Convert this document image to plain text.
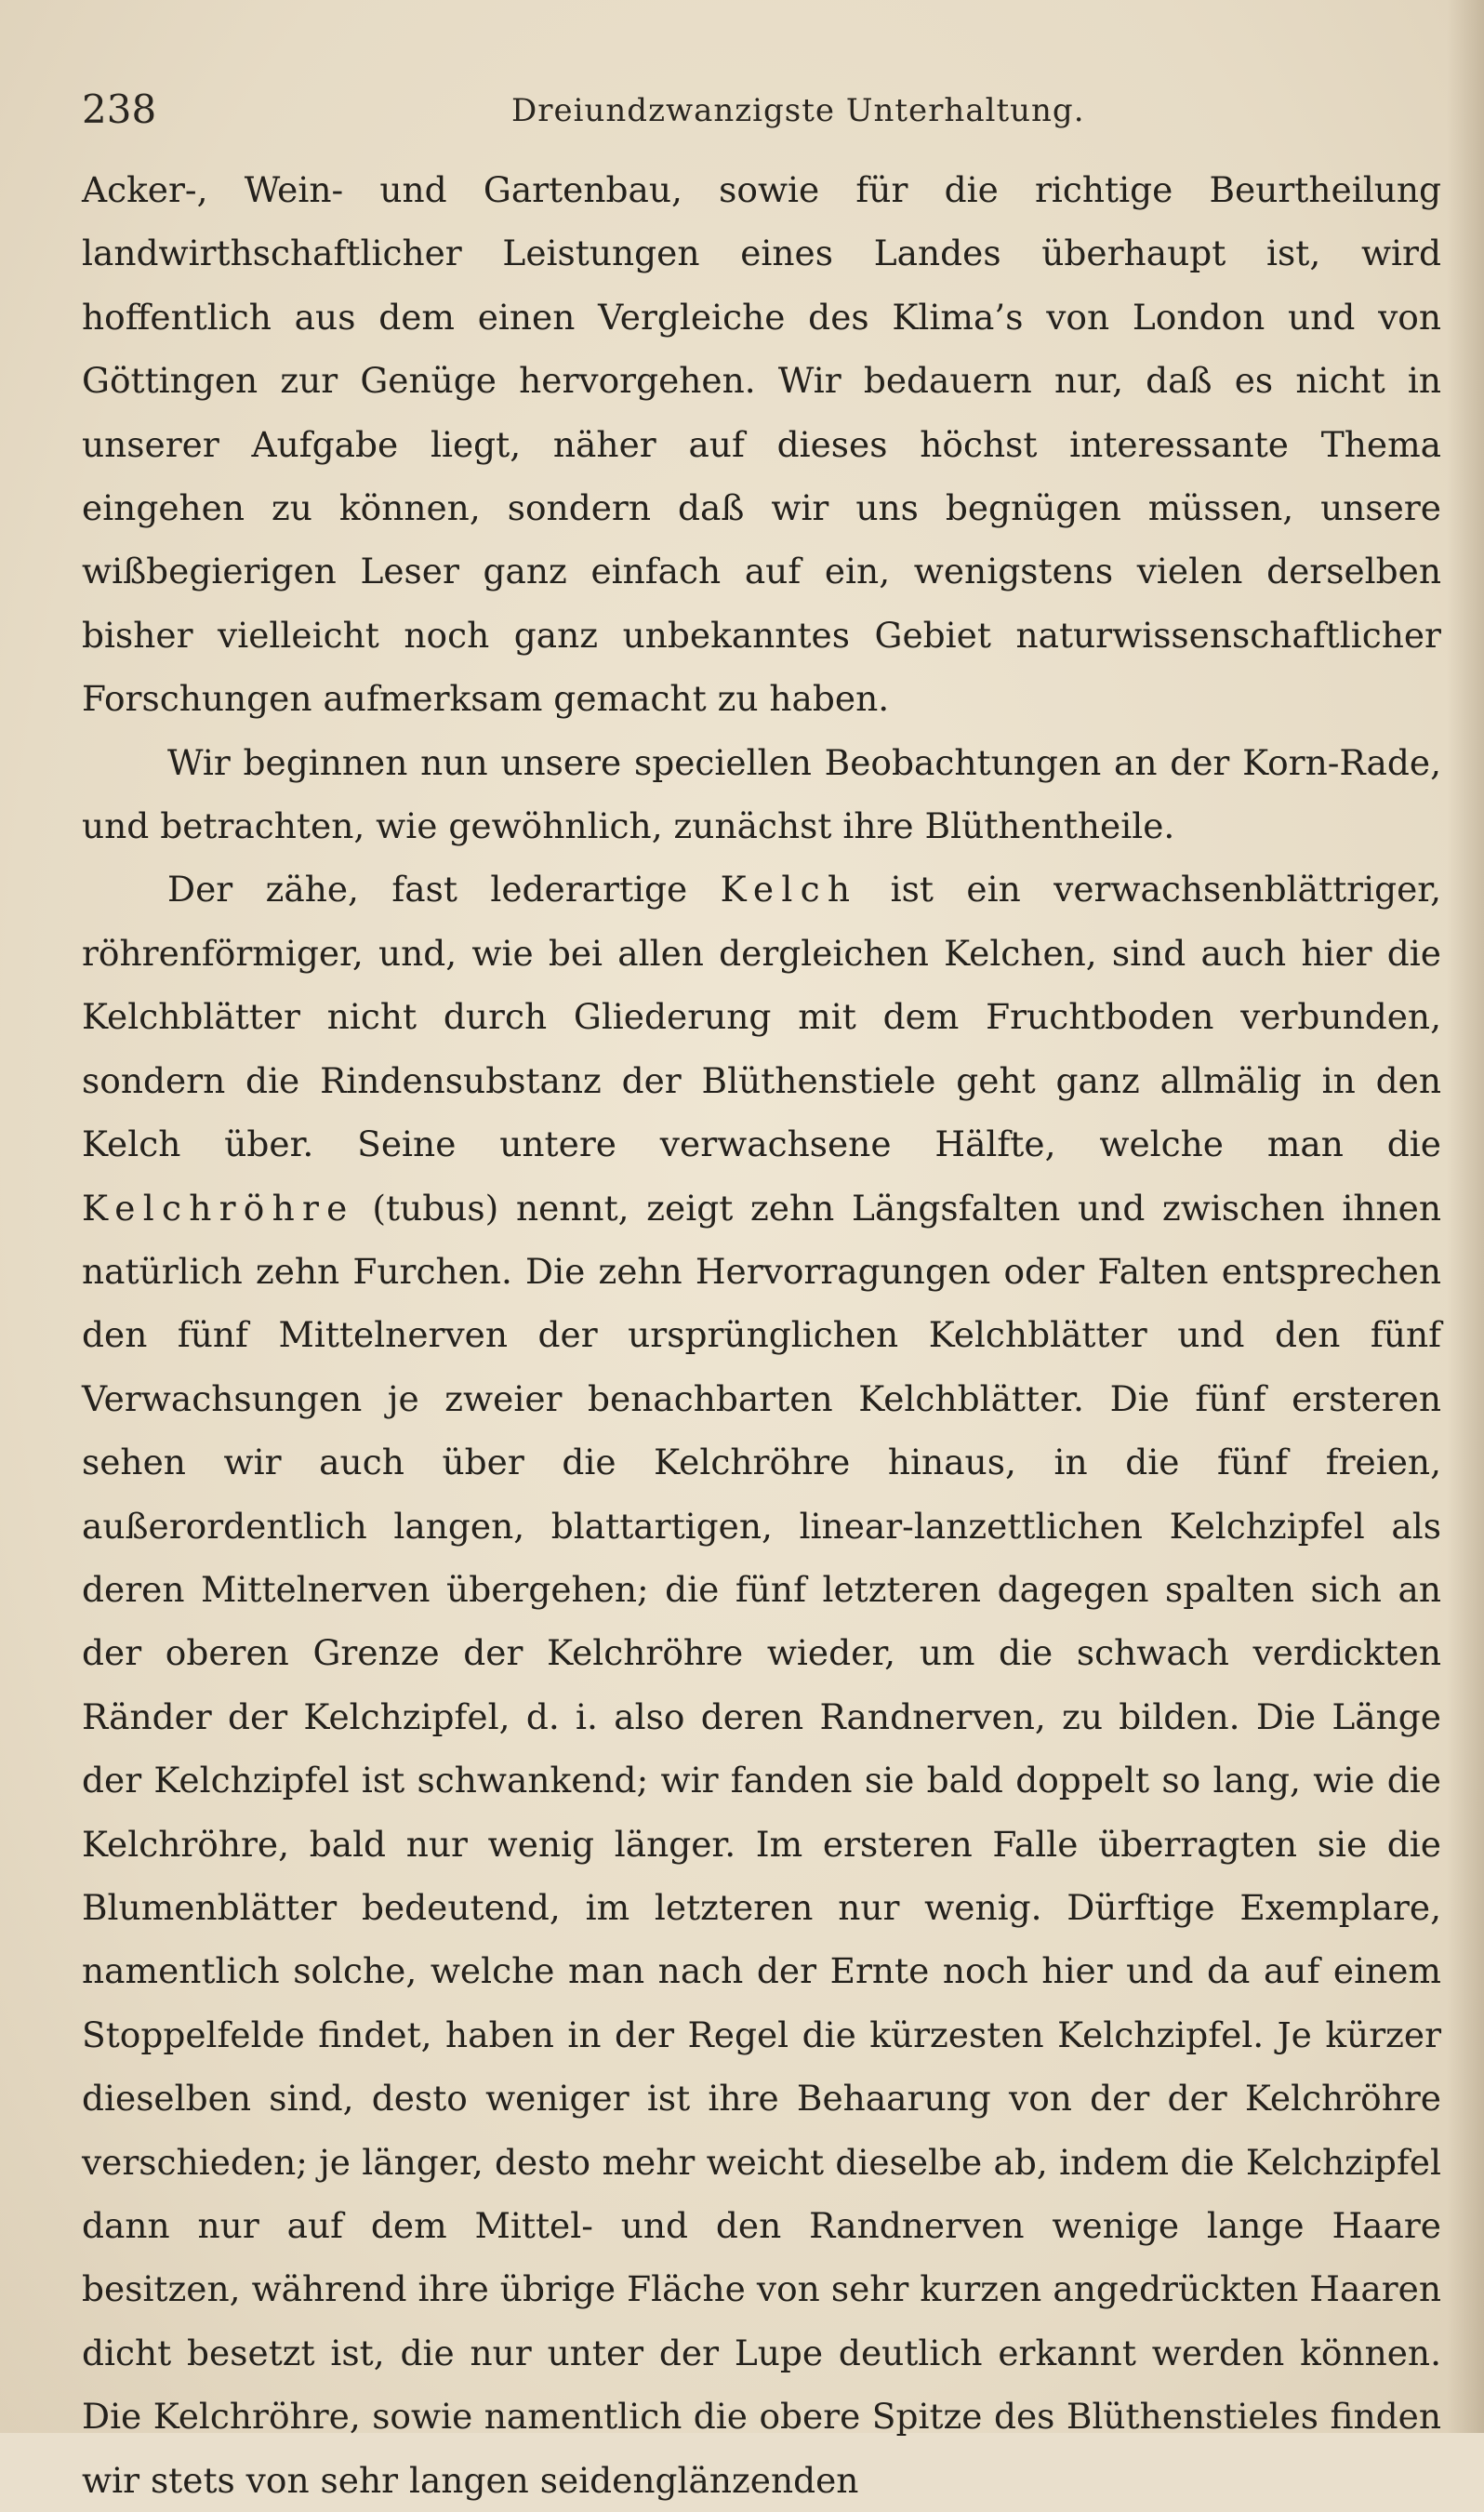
238	Dreiundzwanzigste Unterhaltung.

Acker-, Wein- und Gartenbau, sowie für die richtige Beurtheilung landwirthschaftlicher Leistungen eines Landes überhaupt ist, wird hoffentlich aus dem einen Vergleiche des Klima’s von London und von Göttingen zur Genüge hervorgehen. Wir bedauern nur, daß es nicht in unserer Aufgabe liegt, näher auf dieses höchst interessante Thema eingehen zu können, sondern daß wir uns begnügen müssen, unsere wißbegierigen Leser ganz einfach auf ein, wenigstens vielen derselben bisher vielleicht noch ganz unbekanntes Gebiet naturwissenschaftlicher Forschungen aufmerksam gemacht zu haben.

Wir beginnen nun unsere speciellen Beobachtungen an der Korn-Rade, und betrachten, wie gewöhnlich, zunächst ihre Blüthentheile.

Der zähe, fast lederartige Kelch ist ein verwachsenblättriger, röhrenförmiger, und, wie bei allen dergleichen Kelchen, sind auch hier die Kelchblätter nicht durch Gliederung mit dem Fruchtboden verbunden, sondern die Rindensubstanz der Blüthenstiele geht ganz allmälig in den Kelch über. Seine untere verwachsene Hälfte, welche man die Kelchröhre (tubus) nennt, zeigt zehn Längsfalten und zwischen ihnen natürlich zehn Furchen. Die zehn Hervorragungen oder Falten entsprechen den fünf Mittelnerven der ursprünglichen Kelchblätter und den fünf Verwachsungen je zweier benachbarten Kelchblätter. Die fünf ersteren sehen wir auch über die Kelchröhre hinaus, in die fünf freien, außerordentlich langen, blattartigen, linear-lanzettlichen Kelchzipfel als deren Mittelnerven übergehen; die fünf letzteren dagegen spalten sich an der oberen Grenze der Kelchröhre wieder, um die schwach verdickten Ränder der Kelchzipfel, d. i. also deren Randnerven, zu bilden. Die Länge der Kelchzipfel ist schwankend; wir fanden sie bald doppelt so lang, wie die Kelchröhre, bald nur wenig länger. Im ersteren Falle überragten sie die Blumenblätter bedeutend, im letzteren nur wenig. Dürftige Exemplare, namentlich solche, welche man nach der Ernte noch hier und da auf einem Stoppelfelde findet, haben in der Regel die kürzesten Kelchzipfel. Je kürzer dieselben sind, desto weniger ist ihre Behaarung von der der Kelchröhre verschieden; je länger, desto mehr weicht dieselbe ab, indem die Kelchzipfel dann nur auf dem Mittel- und den Randnerven wenige lange Haare besitzen, während ihre übrige Fläche von sehr kurzen angedrückten Haaren dicht besetzt ist, die nur unter der Lupe deutlich erkannt werden können. Die Kelchröhre, sowie namentlich die obere Spitze des Blüthenstieles finden wir stets von sehr langen seidenglänzenden
